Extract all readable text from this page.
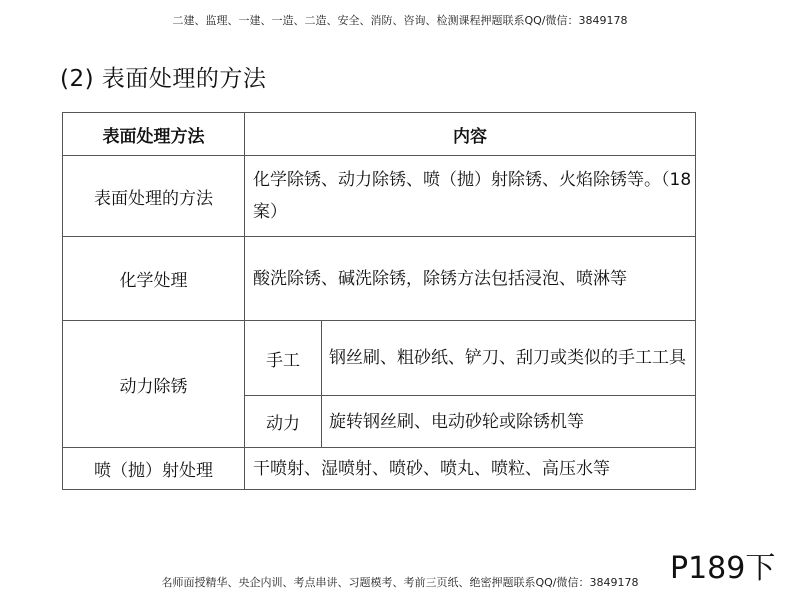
二建、监理、一建、一造、二造、安全、消防、咨询、检测课程押题联系QQ/微信：3849178
(2) 表面处理的方法
表面处理方法	内容	
表面处理的方法	化学除锈、动力除锈、喷（抛）射除锈、火焰除锈等。（18案）	
化学处理	酸洗除锈、碱洗除锈，除锈方法包括浸泡、喷淋等	
动力除锈	手工	钢丝刷、粗砂纸、铲刀、刮刀或类似的手工工具
	动力	旋转钢丝刷、电动砂轮或除锈机等
喷（抛）射处理	干喷射、湿喷射、喷砂、喷丸、喷粒、高压水等	
P189下
名师面授精华、央企内训、考点串讲、习题模考、考前三页纸、绝密押题联系QQ/微信：3849178
